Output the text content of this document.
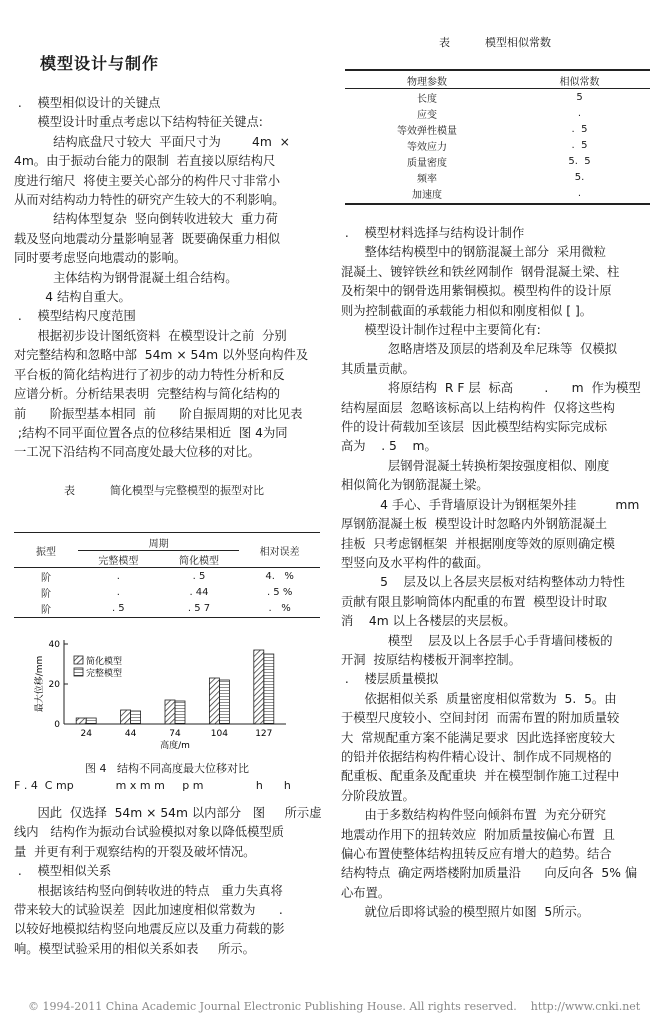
模型设计与制作

.    模型相似设计的关键点

模型设计时重点考虑以下结构特征关键点:

结构底盘尺寸较大  平面尺寸为        4m  ×

4m。由于振动台能力的限制  若直接以原结构尺

度进行缩尺  将使主要关心部分的构件尺寸非常小

从而对结构动力特性的研究产生较大的不利影响。

结构体型复杂  竖向倒转收进较大  重力荷

载及竖向地震动分量影响显著  既要确保重力相似

同时要考虑竖向地震动的影响。

主体结构为钢骨混凝土组合结构。

4 结构自重大。

.    模型结构尺度范围

根据初步设计图纸资料  在模型设计之前  分别

对完整结构和忽略中部  54m × 54m 以外竖向构件及

平台板的简化结构进行了初步的动力特性分析和反

应谱分析。分析结果表明  完整结构与简化结构的

前      阶振型基本相同  前      阶自振周期的对比见表

;结构不同平面位置各点的位移结果相近  图 4为同

一工况下沿结构不同高度处最大位移的对比。

表          简化模型与完整模型的振型对比
振型	周期		相对误差
	完整模型	简化模型	
阶	.	. 5	4.   %
阶	.	. 44	. 5 %
阶	. 5	. 5 7	.   %
0
20
40
24	44	74	104	127
高度/m
最大位移/mm	简化模型
完整模型
图 4   结构不同高度最大位移对比
F . 4  C mp            m x m m     p m               h      h

因此  仅选择  54m × 54m 以内部分   图     所示虚

线内   结构作为振动台试验模拟对象以降低模型质

量  并更有利于观察结构的开裂及破坏情况。

.    模型相似关系

根据该结构竖向倒转收进的特点   重力失真将

带来较大的试验误差  因此加速度相似常数为      .

以较好地模拟结构竖向地震反应以及重力荷载的影

响。模型试验采用的相似关系如表     所示。

表          模型相似常数
物理参数	相似常数
长度	5
应变	.
等效弹性模量	.  5
等效应力	.  5
质量密度	5.  5
频率	5.
加速度	.

.    模型材料选择与结构设计制作

整体结构模型中的钢筋混凝土部分  采用微粒

混凝土、镀锌铁丝和铁丝网制作  钢骨混凝土梁、柱

及桁架中的钢骨选用紫铜模拟。模型构件的设计原

则为控制截面的承载能力相似和刚度相似 [ ]。

模型设计制作过程中主要简化有:

忽略唐塔及顶层的塔刹及牟尼珠等  仅模拟

其质量贡献。

将原结构  R F 层  标高        .      m  作为模型

结构屋面层  忽略该标高以上结构构件  仅将这些构

件的设计荷载加至该层  因此模型结构实际完成标

高为    . 5    m。

层钢骨混凝土转换桁架按强度相似、刚度

相似简化为钢筋混凝土梁。

4 手心、手背墙原设计为钢框架外挂          mm

厚钢筋混凝土板  模型设计时忽略内外钢筋混凝土

挂板  只考虑钢框架  并根据刚度等效的原则确定模

型竖向及水平构件的截面。

5    层及以上各层夹层板对结构整体动力特性

贡献有限且影响筒体内配重的布置  模型设计时取

消    4m 以上各楼层的夹层板。

模型    层及以上各层手心手背墙间楼板的

开洞  按原结构楼板开洞率控制。

.    楼层质量模拟

依据相似关系  质量密度相似常数为  5.  5。由

于模型尺度较小、空间封闭  而需布置的附加质量较

大  常规配重方案不能满足要求  因此选择密度较大

的铅并依据结构构件精心设计、制作成不同规格的

配重板、配重条及配重块  并在模型制作施工过程中

分阶段放置。

由于多数结构构件竖向倾斜布置  为充分研究

地震动作用下的扭转效应  附加质量按偏心布置  且

偏心布置使整体结构扭转反应有增大的趋势。结合

结构特点  确定两塔楼附加质量沿      向反向各  5% 偏

心布置。

就位后即将试验的模型照片如图  5所示。

© 1994-2011 China Academic Journal Electronic Publishing House. All rights reserved.    http://www.cnki.net
